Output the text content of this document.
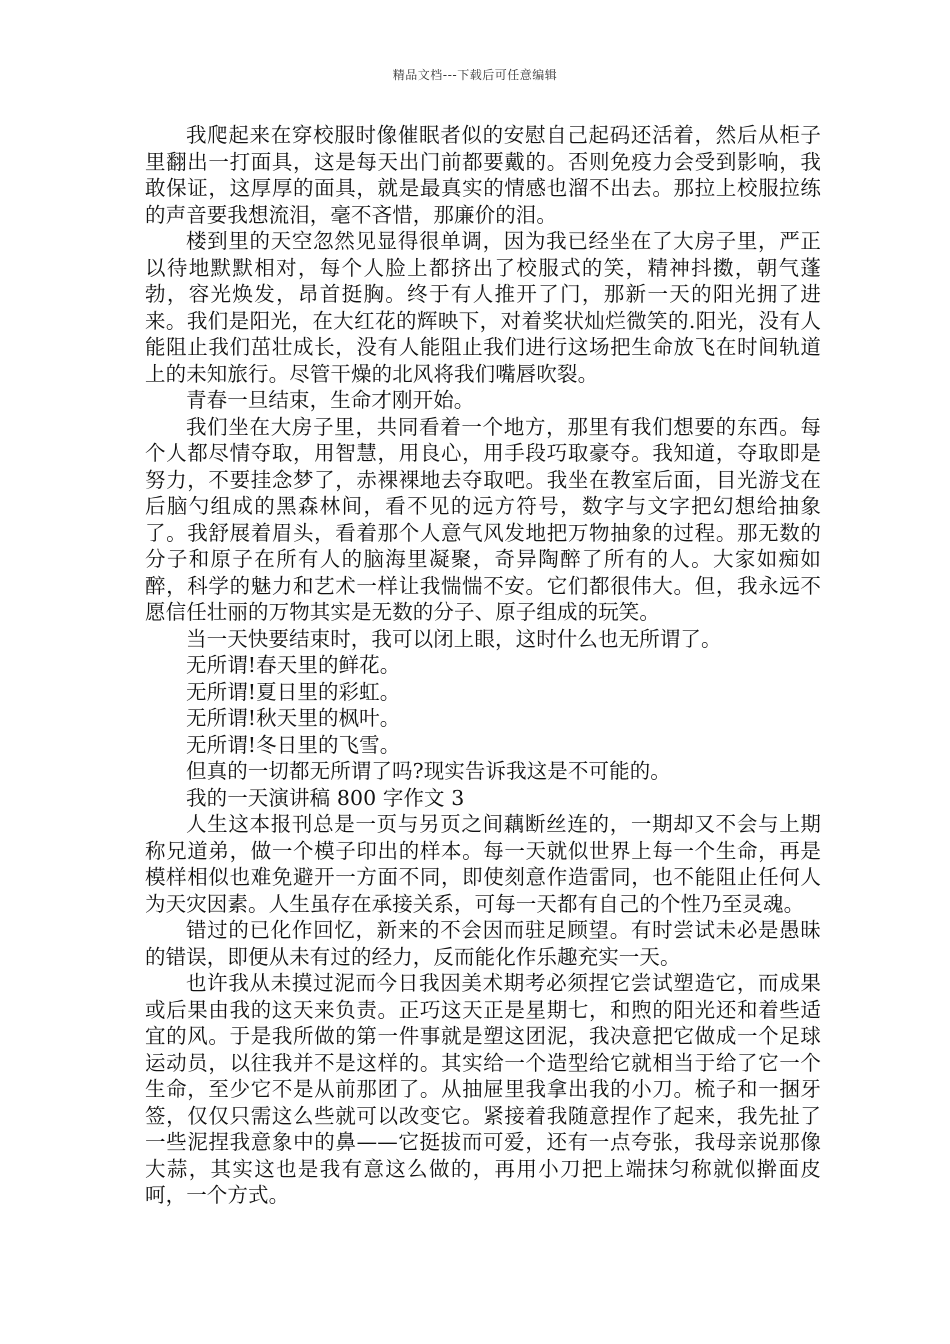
精品文档---下载后可任意编辑

我爬起来在穿校服时像催眠者似的安慰自己起码还活着，然后从柜子里翻出一打面具，这是每天出门前都要戴的。否则免疫力会受到影响，我敢保证，这厚厚的面具，就是最真实的情感也溜不出去。那拉上校服拉练的声音要我想流泪，毫不吝惜，那廉价的泪。

楼到里的天空忽然见显得很单调，因为我已经坐在了大房子里，严正以待地默默相对，每个人脸上都挤出了校服式的笑，精神抖擞，朝气蓬勃，容光焕发，昂首挺胸。终于有人推开了门，那新一天的阳光拥了进来。我们是阳光，在大红花的辉映下，对着奖状灿烂微笑的.阳光，没有人能阻止我们茁壮成长，没有人能阻止我们进行这场把生命放飞在时间轨道上的未知旅行。尽管干燥的北风将我们嘴唇吹裂。

青春一旦结束，生命才刚开始。

我们坐在大房子里，共同看着一个地方，那里有我们想要的东西。每个人都尽情夺取，用智慧，用良心，用手段巧取豪夺。我知道，夺取即是努力，不要挂念梦了，赤裸裸地去夺取吧。我坐在教室后面，目光游戈在后脑勺组成的黑森林间，看不见的远方符号，数字与文字把幻想给抽象了。我舒展着眉头，看着那个人意气风发地把万物抽象的过程。那无数的分子和原子在所有人的脑海里凝聚，奇异陶醉了所有的人。大家如痴如醉，科学的魅力和艺术一样让我惴惴不安。它们都很伟大。但，我永远不愿信任壮丽的万物其实是无数的分子、原子组成的玩笑。

当一天快要结束时，我可以闭上眼，这时什么也无所谓了。

无所谓!春天里的鲜花。

无所谓!夏日里的彩虹。

无所谓!秋天里的枫叶。

无所谓!冬日里的飞雪。

但真的一切都无所谓了吗?现实告诉我这是不可能的。

我的一天演讲稿 800 字作文 3

人生这本报刊总是一页与另页之间藕断丝连的，一期却又不会与上期称兄道弟，做一个模子印出的样本。每一天就似世界上每一个生命，再是模样相似也难免避开一方面不同，即使刻意作造雷同，也不能阻止任何人为天灾因素。人生虽存在承接关系，可每一天都有自己的个性乃至灵魂。

错过的已化作回忆，新来的不会因而驻足顾望。有时尝试未必是愚昧的错误，即便从未有过的经力，反而能化作乐趣充实一天。

也许我从未摸过泥而今日我因美术期考必须捏它尝试塑造它，而成果或后果由我的这天来负责。正巧这天正是星期七，和煦的阳光还和着些适宜的风。于是我所做的第一件事就是塑这团泥，我决意把它做成一个足球运动员，以往我并不是这样的。其实给一个造型给它就相当于给了它一个生命，至少它不是从前那团了。从抽屉里我拿出我的小刀。梳子和一捆牙签，仅仅只需这么些就可以改变它。紧接着我随意捏作了起来，我先扯了一些泥捏我意象中的鼻——它挺拔而可爱，还有一点夸张，我母亲说那像大蒜，其实这也是我有意这么做的，再用小刀把上端抹匀称就似擀面皮呵，一个方式。
